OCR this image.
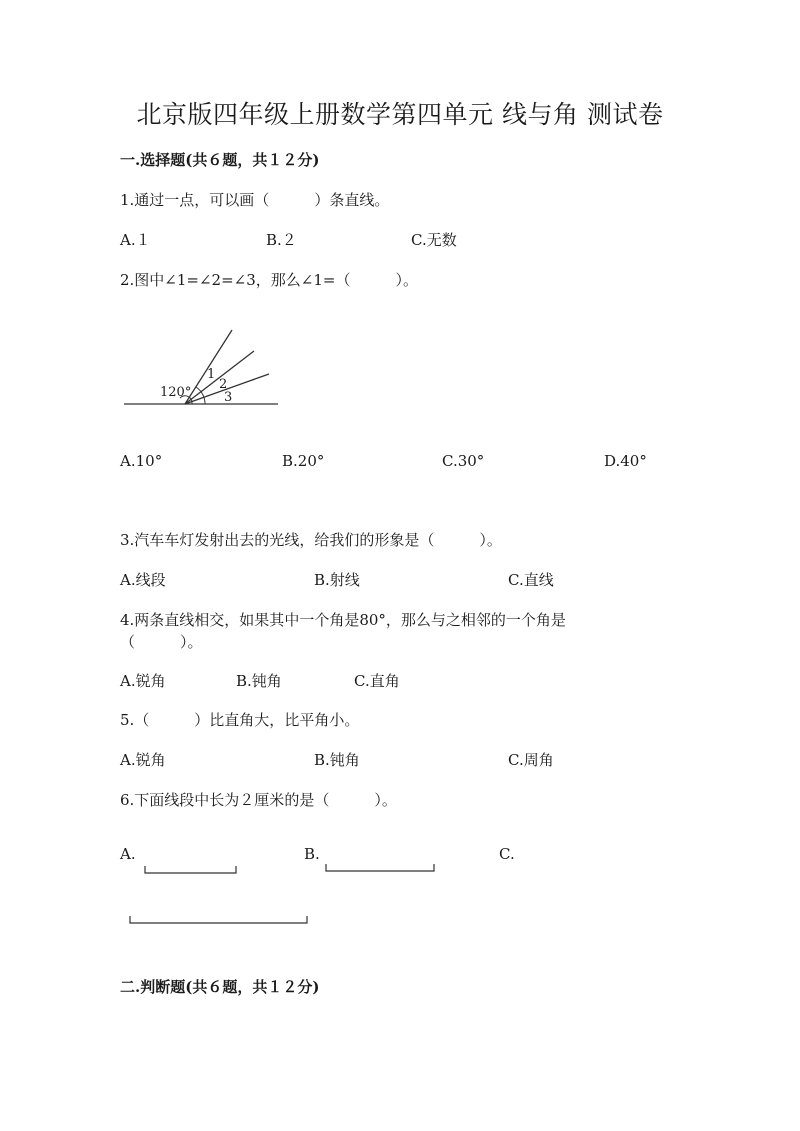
北京版四年级上册数学第四单元 线与角 测试卷
一.选择题(共６题，共１２分)
1.通过一点，可以画（　　　）条直线。
A.１	B.２	C.无数
2.图中∠1=∠2=∠3，那么∠1=（　　　）。
120°
1
2
3
A.10°	B.20°	C.30°	D.40°
3.汽车车灯发射出去的光线，给我们的形象是（　　　）。
A.线段	B.射线	C.直线
4.两条直线相交，如果其中一个角是80°，那么与之相邻的一个角是
（　　　）。
A.锐角	B.钝角	C.直角
5.（　　　）比直角大，比平角小。
A.锐角	B.钝角	C.周角
6.下面线段中长为２厘米的是（　　　）。
A.	B.	C.
二.判断题(共６题，共１２分)
